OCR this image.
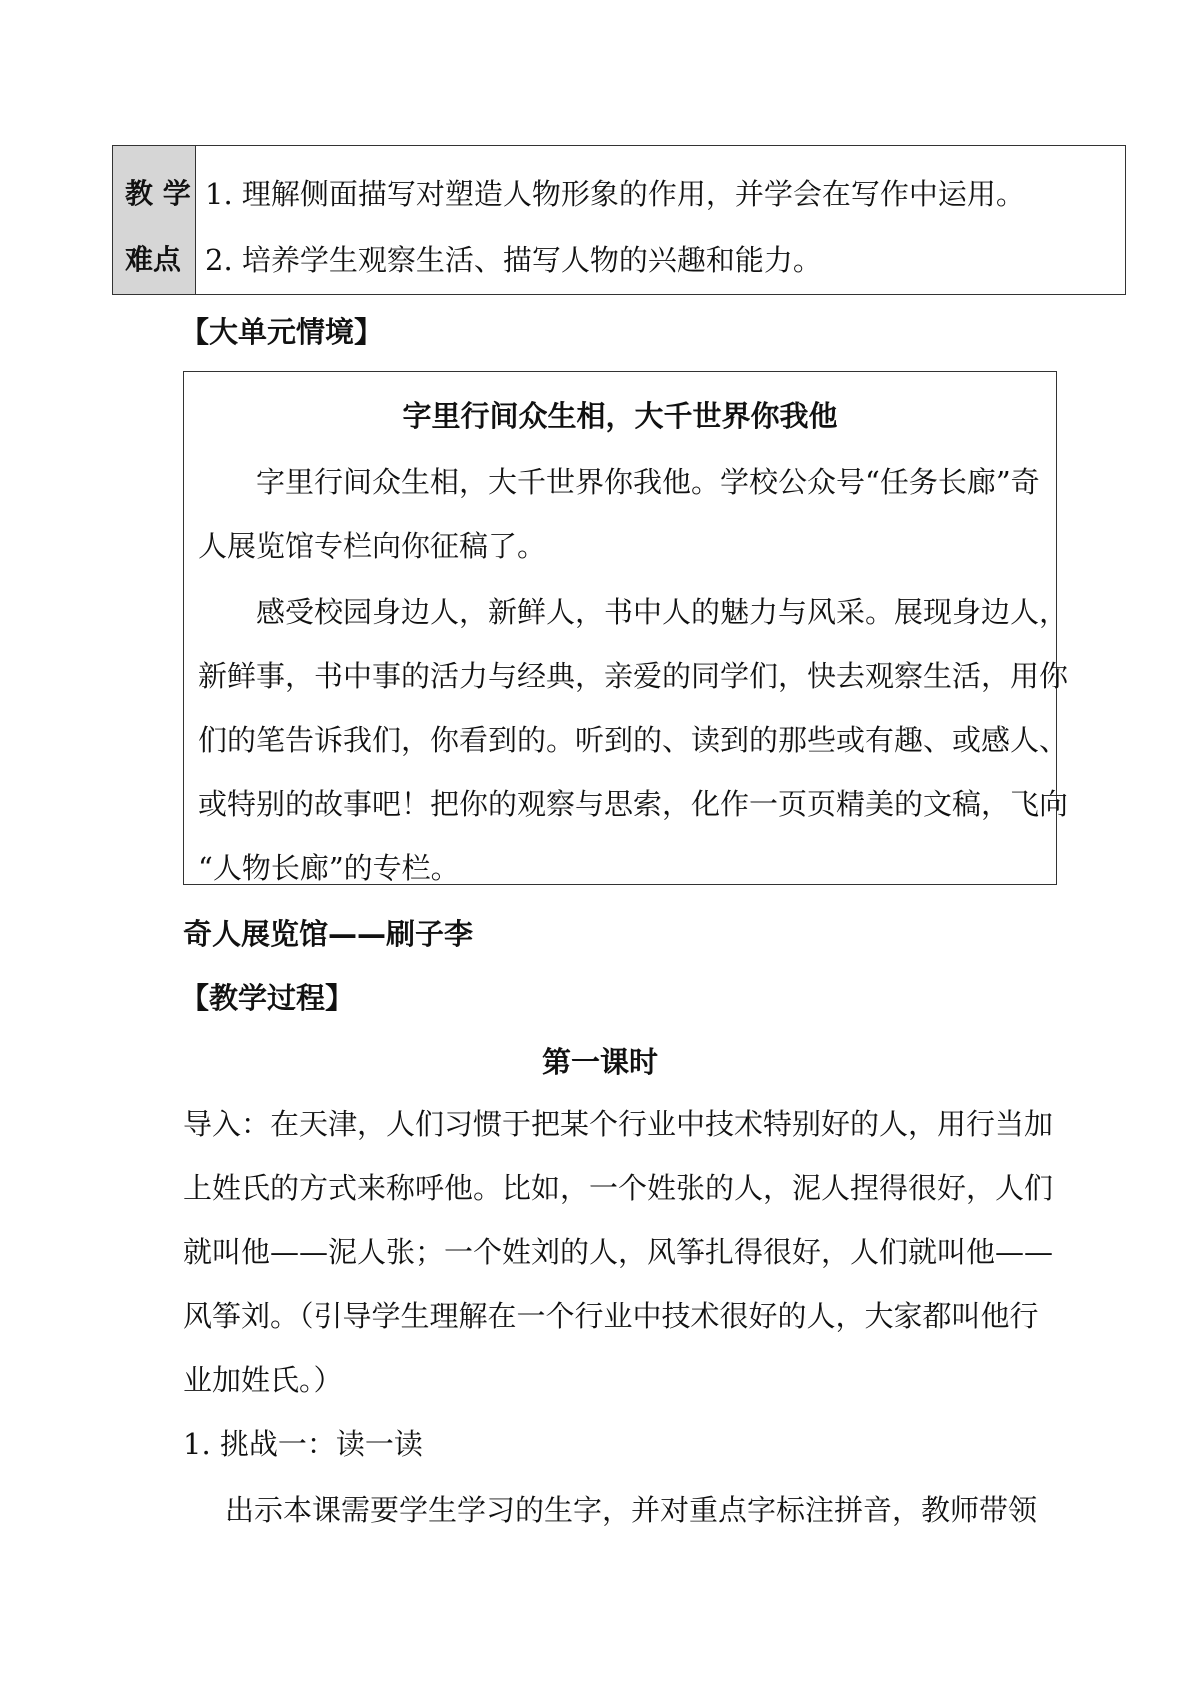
教 学
难点
1. 理解侧面描写对塑造人物形象的作用，并学会在写作中运用。
2. 培养学生观察生活、描写人物的兴趣和能力。
【大单元情境】
字里行间众生相，大千世界你我他
字里行间众生相，大千世界你我他。学校公众号“任务长廊”奇
人展览馆专栏向你征稿了。
感受校园身边人，新鲜人，书中人的魅力与风采。展现身边人，
新鲜事，书中事的活力与经典，亲爱的同学们，快去观察生活，用你
们的笔告诉我们，你看到的。听到的、读到的那些或有趣、或感人、
或特别的故事吧！把你的观察与思索，化作一页页精美的文稿，飞向
“人物长廊”的专栏。
奇人展览馆——刷子李
【教学过程】
第一课时
导入：在天津，人们习惯于把某个行业中技术特别好的人，用行当加
上姓氏的方式来称呼他。比如，一个姓张的人，泥人捏得很好，人们
就叫他——泥人张；一个姓刘的人，风筝扎得很好，人们就叫他——
风筝刘。（引导学生理解在一个行业中技术很好的人，大家都叫他行
业加姓氏。）
1. 挑战一：读一读
出示本课需要学生学习的生字，并对重点字标注拼音，教师带领
